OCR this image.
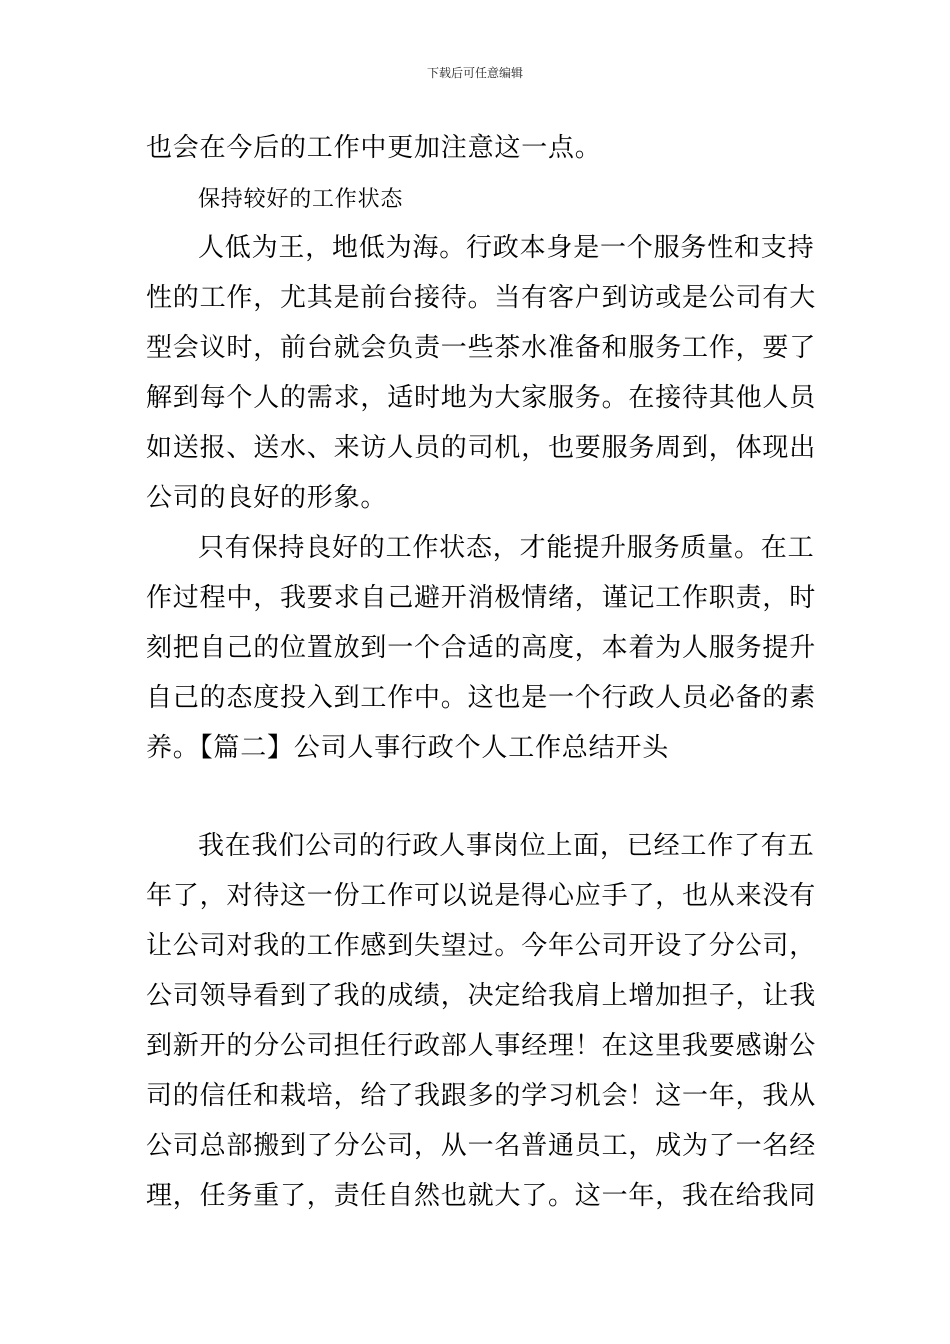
下载后可任意编辑
也会在今后的工作中更加注意这一点。
保持较好的工作状态
人低为王，地低为海。行政本身是一个服务性和支持
性的工作，尤其是前台接待。当有客户到访或是公司有大
型会议时，前台就会负责一些茶水准备和服务工作，要了
解到每个人的需求，适时地为大家服务。在接待其他人员
如送报、送水、来访人员的司机，也要服务周到，体现出
公司的良好的形象。
只有保持良好的工作状态，才能提升服务质量。在工
作过程中，我要求自己避开消极情绪，谨记工作职责，时
刻把自己的位置放到一个合适的高度，本着为人服务提升
自己的态度投入到工作中。这也是一个行政人员必备的素
养。【篇二】公司人事行政个人工作总结开头
我在我们公司的行政人事岗位上面，已经工作了有五
年了，对待这一份工作可以说是得心应手了，也从来没有
让公司对我的工作感到失望过。今年公司开设了分公司，
公司领导看到了我的成绩，决定给我肩上增加担子，让我
到新开的分公司担任行政部人事经理！在这里我要感谢公
司的信任和栽培，给了我跟多的学习机会！这一年，我从
公司总部搬到了分公司，从一名普通员工，成为了一名经
理，任务重了，责任自然也就大了。这一年，我在给我同
